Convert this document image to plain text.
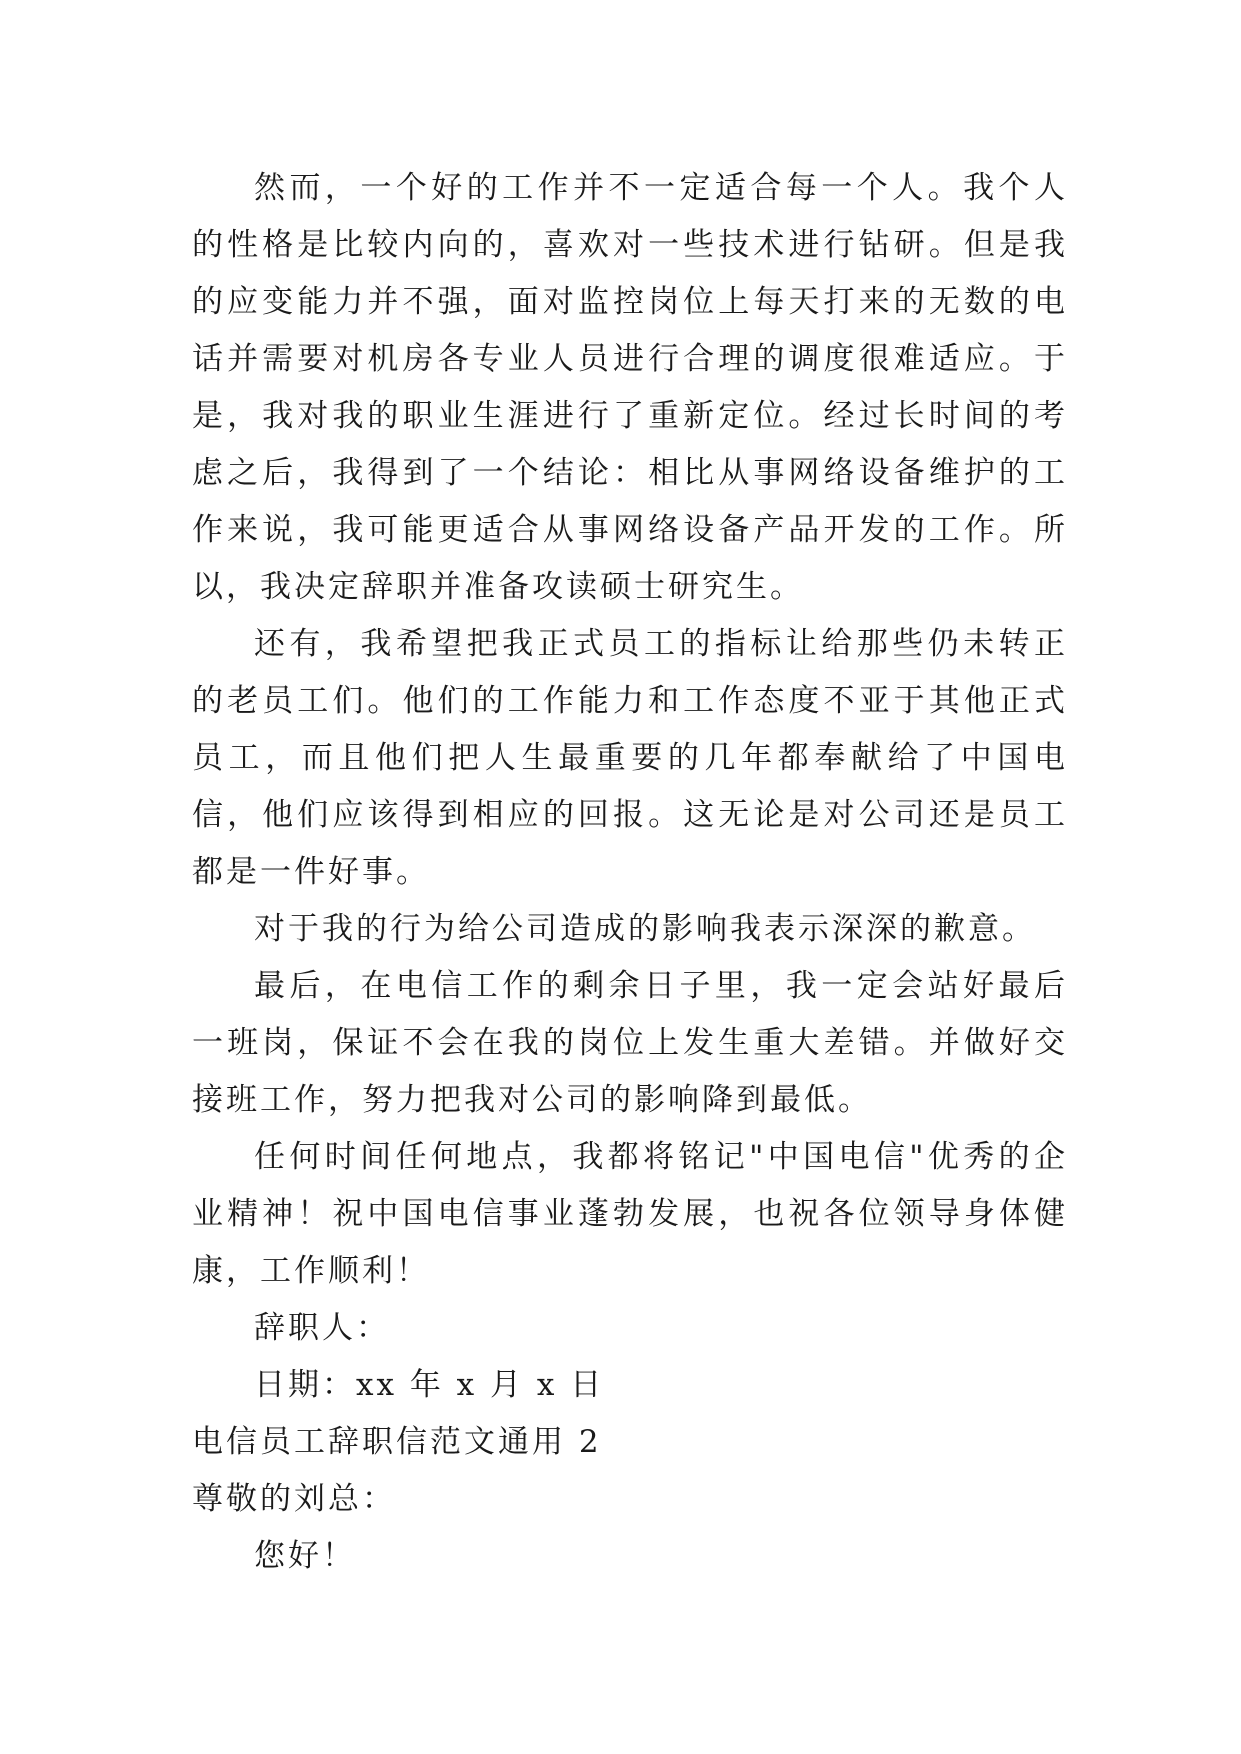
然而，一个好的工作并不一定适合每一个人。我个人的性格是比较内向的，喜欢对一些技术进行钻研。但是我的应变能力并不强，面对监控岗位上每天打来的无数的电话并需要对机房各专业人员进行合理的调度很难适应。于是，我对我的职业生涯进行了重新定位。经过长时间的考虑之后，我得到了一个结论：相比从事网络设备维护的工作来说，我可能更适合从事网络设备产品开发的工作。所以，我决定辞职并准备攻读硕士研究生。

还有，我希望把我正式员工的指标让给那些仍未转正的老员工们。他们的工作能力和工作态度不亚于其他正式员工，而且他们把人生最重要的几年都奉献给了中国电信，他们应该得到相应的回报。这无论是对公司还是员工都是一件好事。

对于我的行为给公司造成的影响我表示深深的歉意。

最后，在电信工作的剩余日子里，我一定会站好最后一班岗，保证不会在我的岗位上发生重大差错。并做好交接班工作，努力把我对公司的影响降到最低。

任何时间任何地点，我都将铭记"中国电信"优秀的企业精神！祝中国电信事业蓬勃发展，也祝各位领导身体健康，工作顺利！

辞职人：

日期：xx 年 x 月 x 日

电信员工辞职信范文通用 2

尊敬的刘总：

您好！
